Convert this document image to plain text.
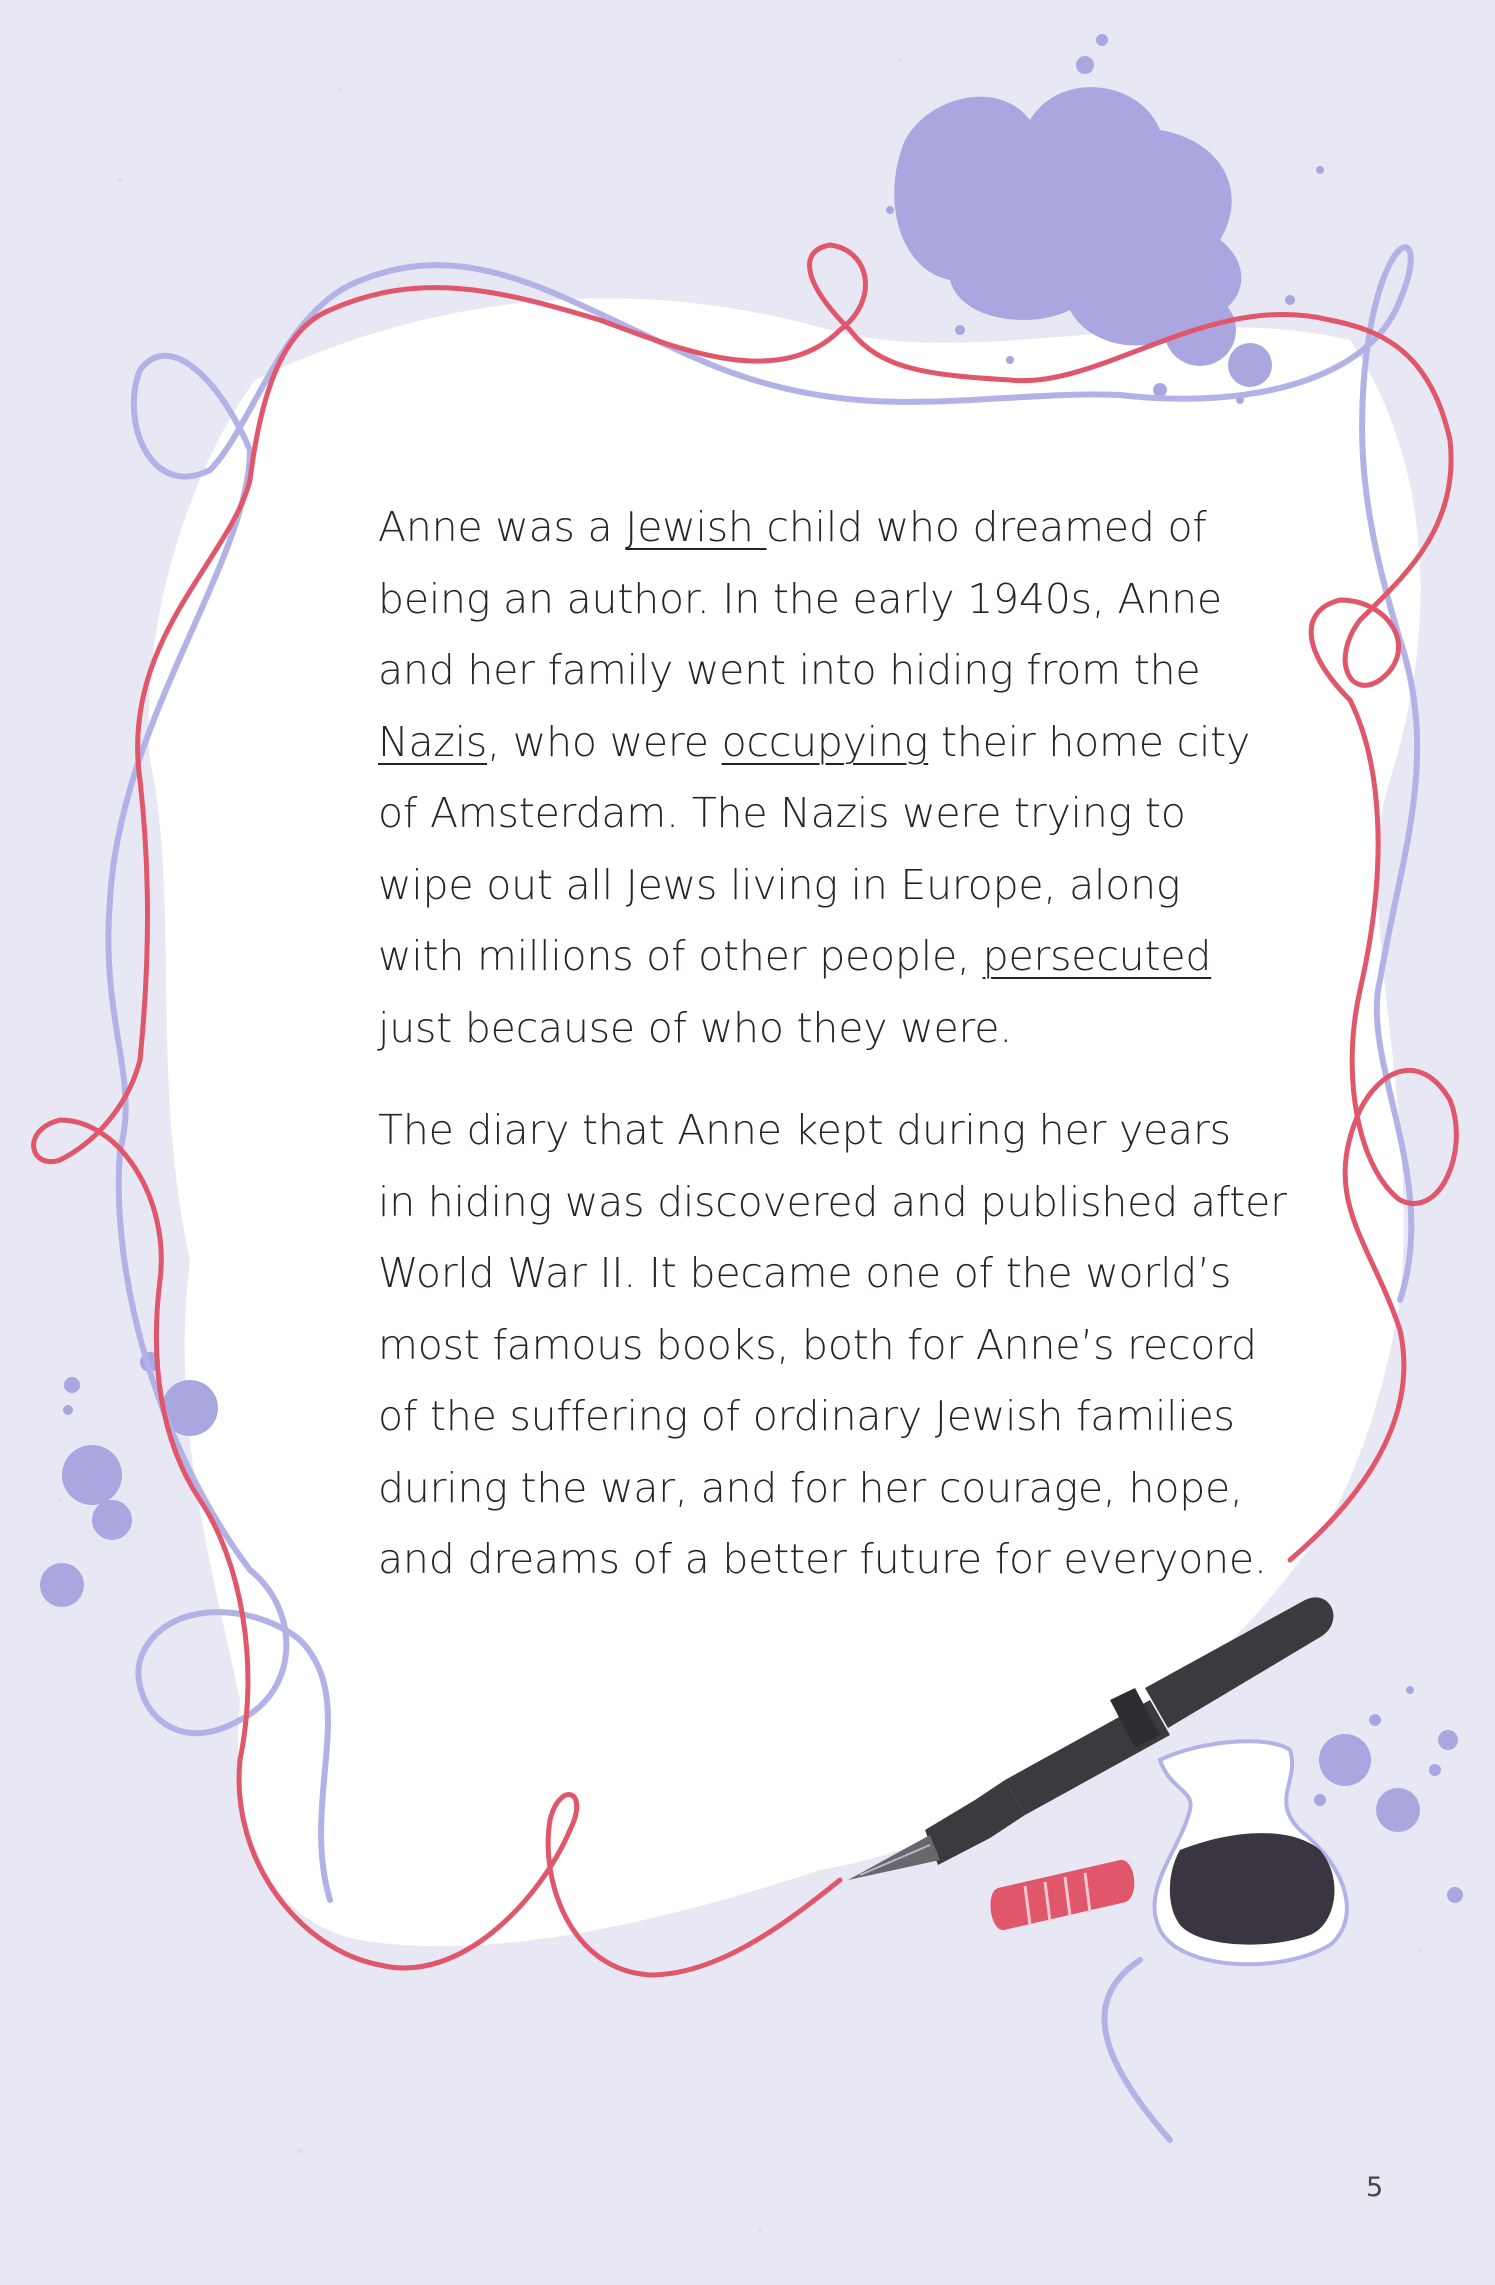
Anne was a Jewish child who dreamed of
being an author. In the early 1940s, Anne
and her family went into hiding from the
Nazis, who were occupying their home city
of Amsterdam. The Nazis were trying to
wipe out all Jews living in Europe, along
with millions of other people, persecuted
just because of who they were.

The diary that Anne kept during her years
in hiding was discovered and published after
World War II. It became one of the world’s
most famous books, both for Anne’s record
of the suffering of ordinary Jewish families
during the war, and for her courage, hope,
and dreams of a better future for everyone.

5
